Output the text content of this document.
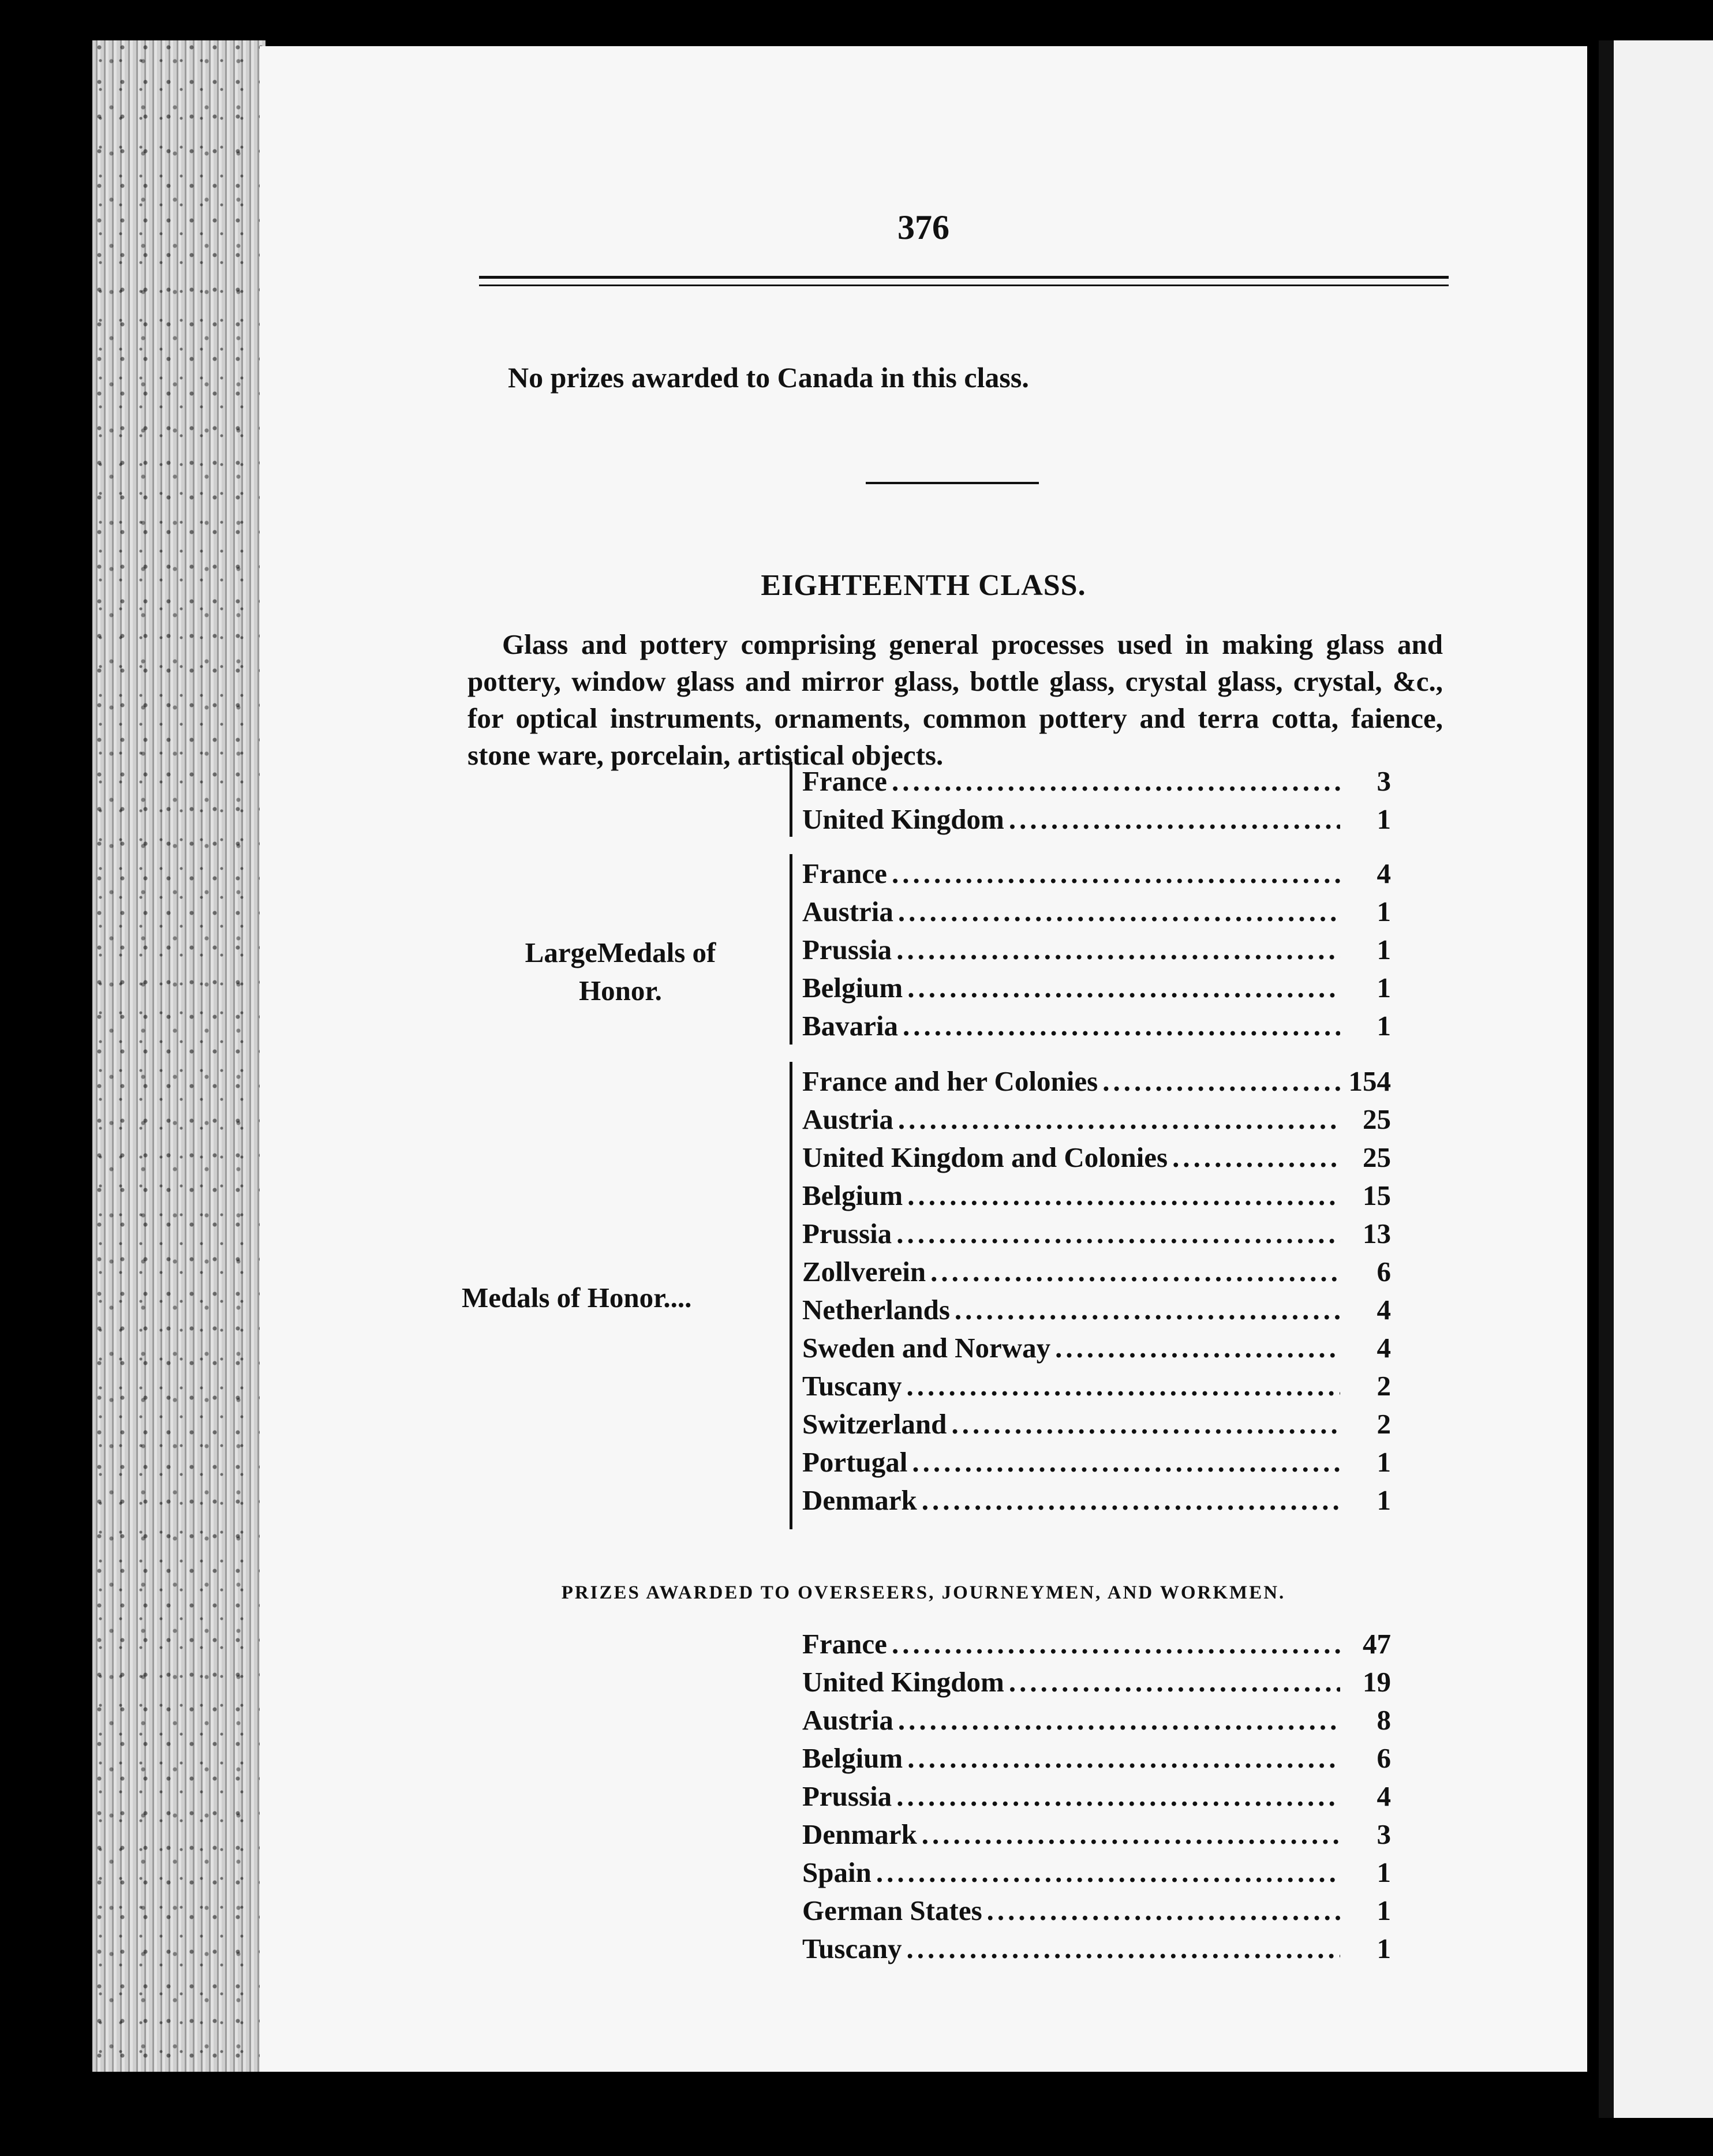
376
No prizes awarded to Canada in this class.
EIGHTEENTH CLASS.
Glass and pottery comprising general processes used in making glass and pottery, window glass and mirror glass, bottle glass, crystal glass, crystal, &c., for optical instruments, ornaments, common pottery and terra cotta, faience, stone ware, porcelain, artistical objects.
France .....	3
United Kingdom .....	1
LargeMedals of
Honor.
France .....	4
Austria .....	1
Prussia .....	1
Belgium .....	1
Bavaria .....	1
Medals of Honor....
France and her Colonies .....	154
Austria .....	25
United Kingdom and Colonies .....	25
Belgium .....	15
Prussia .....	13
Zollverein .....	6
Netherlands .....	4
Sweden and Norway .....	4
Tuscany .....	2
Switzerland .....	2
Portugal .....	1
Denmark .....	1
PRIZES AWARDED TO OVERSEERS, JOURNEYMEN, AND WORKMEN.
France .....	47
United Kingdom .....	19
Austria .....	8
Belgium .....	6
Prussia .....	4
Denmark .....	3
Spain .....	1
German States .....	1
Tuscany .....	1
